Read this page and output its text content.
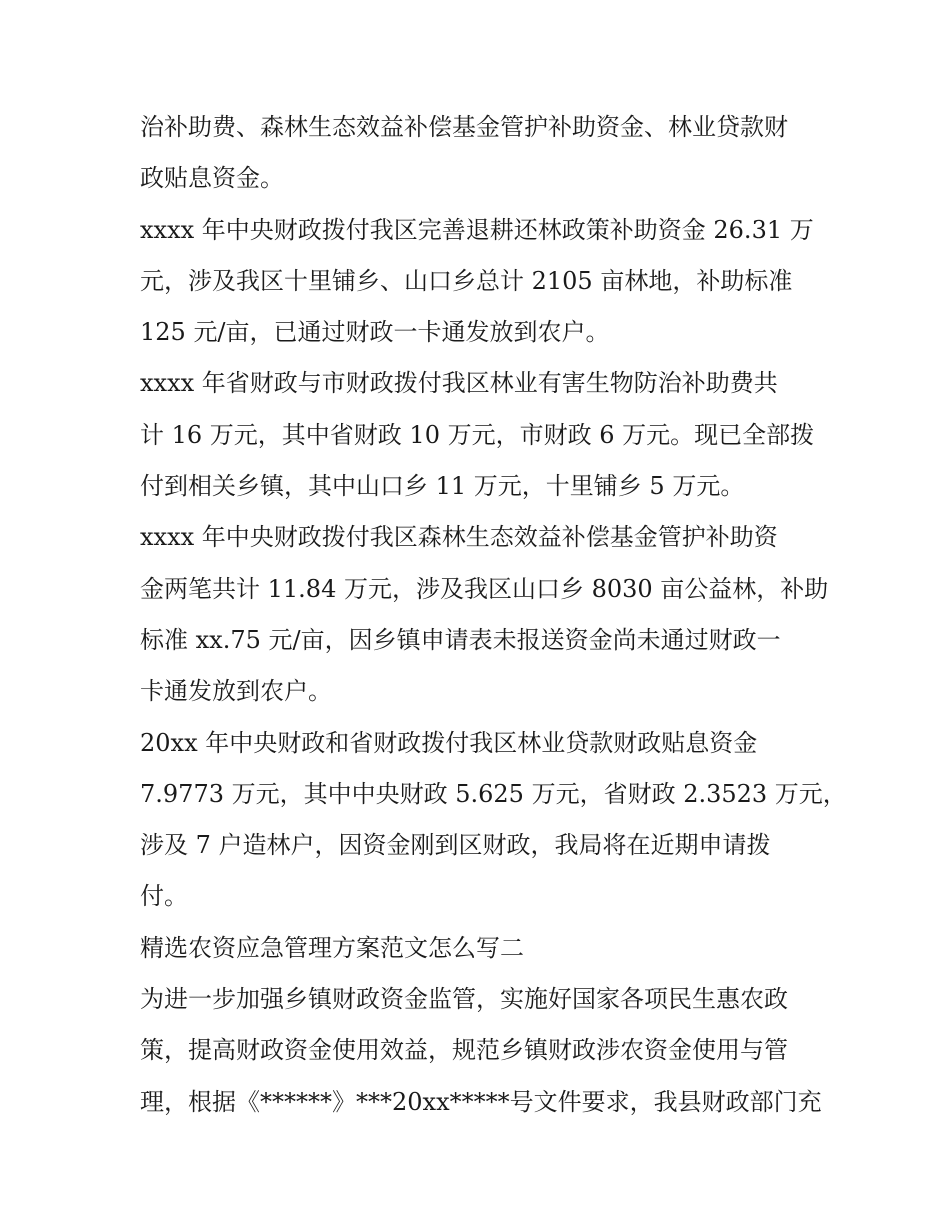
治补助费、森林生态效益补偿基金管护补助资金、林业贷款财
政贴息资金。
xxxx 年中央财政拨付我区完善退耕还林政策补助资金 26.31 万
元，涉及我区十里铺乡、山口乡总计 2105 亩林地，补助标准
125 元/亩，已通过财政一卡通发放到农户。
xxxx 年省财政与市财政拨付我区林业有害生物防治补助费共
计 16 万元，其中省财政 10 万元，市财政 6 万元。现已全部拨
付到相关乡镇，其中山口乡 11 万元，十里铺乡 5 万元。
xxxx 年中央财政拨付我区森林生态效益补偿基金管护补助资
金两笔共计 11.84 万元，涉及我区山口乡 8030 亩公益林，补助
标准 xx.75 元/亩，因乡镇申请表未报送资金尚未通过财政一
卡通发放到农户。
20xx 年中央财政和省财政拨付我区林业贷款财政贴息资金
7.9773 万元，其中中央财政 5.625 万元，省财政 2.3523 万元，
涉及 7 户造林户，因资金刚到区财政，我局将在近期申请拨
付。
精选农资应急管理方案范文怎么写二
为进一步加强乡镇财政资金监管，实施好国家各项民生惠农政
策，提高财政资金使用效益，规范乡镇财政涉农资金使用与管
理，根据《******》***20xx*****号文件要求，我县财政部门充
